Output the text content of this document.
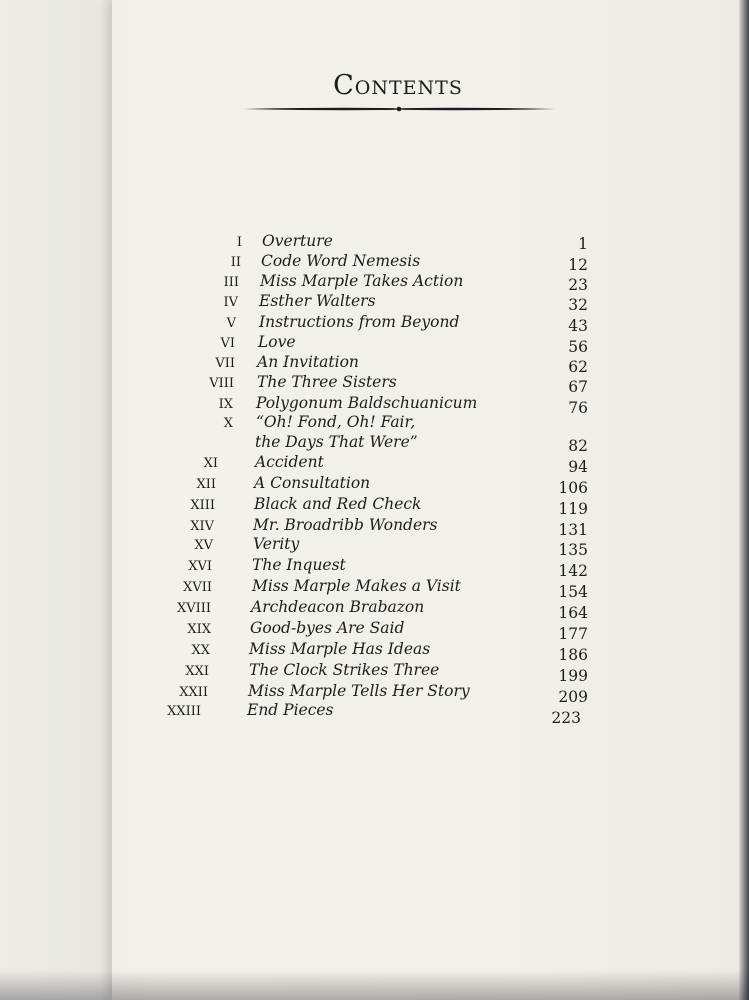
Contents
I Overture	1
II Code Word Nemesis	12
III Miss Marple Takes Action	23
IV Esther Walters	32
V Instructions from Beyond	43
VI Love	56
VII An Invitation	62
VIII The Three Sisters	67
IX Polygonum Baldschuanicum	76
X “Oh! Fond, Oh! Fair,
the Days That Were”	82
XI Accident	94
XII A Consultation	106
XIII	Black and Red Check	119
XIV	Mr. Broadribb Wonders	131
XV	Verity	135
XVI	The Inquest	142
XVII	Miss Marple Makes a Visit	154
XVIII	Archdeacon Brabazon	164
XIX	Good-byes Are Said	177
XX	Miss Marple Has Ideas	186
XXI	The Clock Strikes Three	199
XXII	Miss Marple Tells Her Story	209
XXIII	End Pieces	223
